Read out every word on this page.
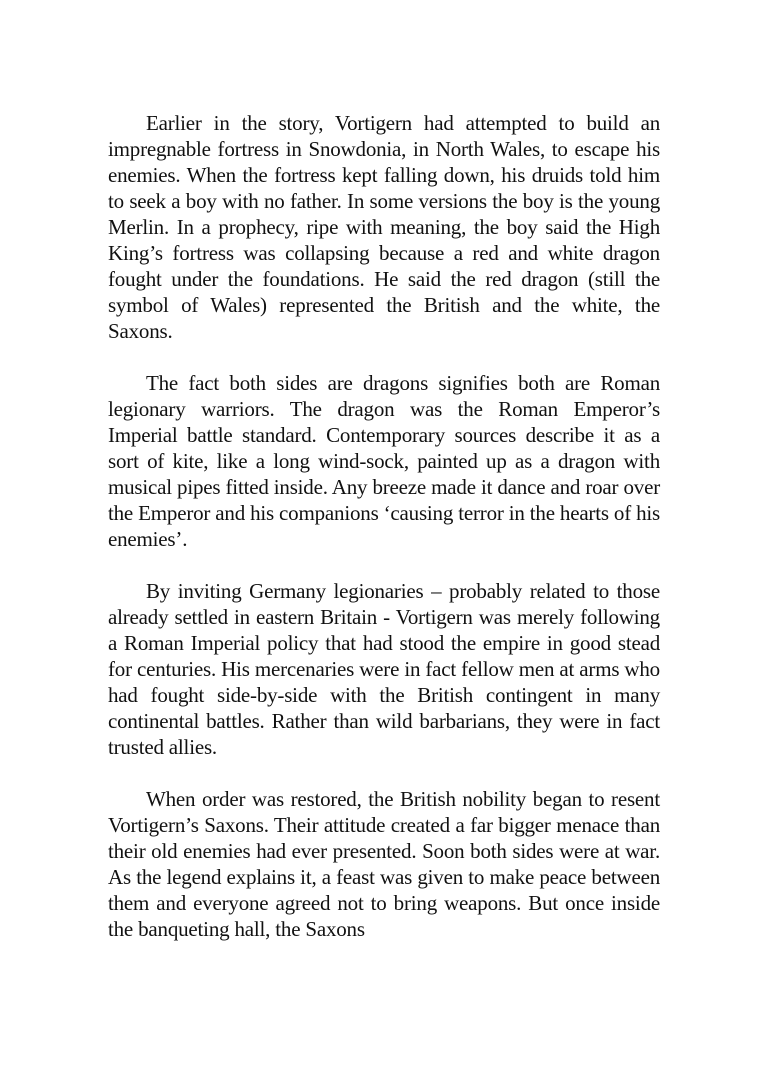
Earlier in the story, Vortigern had attempted to build an impregnable fortress in Snowdonia, in North Wales, to escape his enemies. When the fortress kept falling down, his druids told him to seek a boy with no father. In some versions the boy is the young Merlin. In a prophecy, ripe with meaning, the boy said the High King’s fortress was collapsing because a red and white dragon fought under the foundations. He said the red dragon (still the symbol of Wales) represented the British and the white, the Saxons.

The fact both sides are dragons signifies both are Roman legionary warriors. The dragon was the Roman Emperor’s Imperial battle standard. Contemporary sources describe it as a sort of kite, like a long wind-sock, painted up as a dragon with musical pipes fitted inside. Any breeze made it dance and roar over the Emperor and his companions ‘causing terror in the hearts of his enemies’.

By inviting Germany legionaries – probably related to those already settled in eastern Britain - Vortigern was merely following a Roman Imperial policy that had stood the empire in good stead for centuries. His mercenaries were in fact fellow men at arms who had fought side-by-side with the British contingent in many continental battles. Rather than wild barbarians, they were in fact trusted allies.

When order was restored, the British nobility began to resent Vortigern’s Saxons. Their attitude created a far bigger menace than their old enemies had ever presented. Soon both sides were at war. As the legend explains it, a feast was given to make peace between them and everyone agreed not to bring weapons. But once inside the banqueting hall, the Saxons
